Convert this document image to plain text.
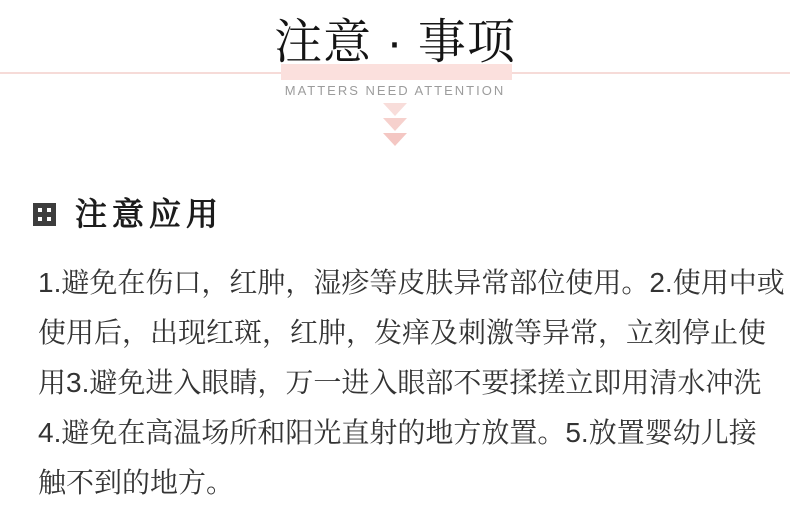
注意 · 事项
MATTERS NEED ATTENTION
注意应用
1.避免在伤口，红肿，湿疹等皮肤异常部位使用。2.使用中或
使用后，出现红斑，红肿，发痒及刺激等异常，立刻停止使
用3.避免进入眼睛，万一进入眼部不要揉搓立即用清水冲洗
4.避免在高温场所和阳光直射的地方放置。5.放置婴幼儿接
触不到的地方。
